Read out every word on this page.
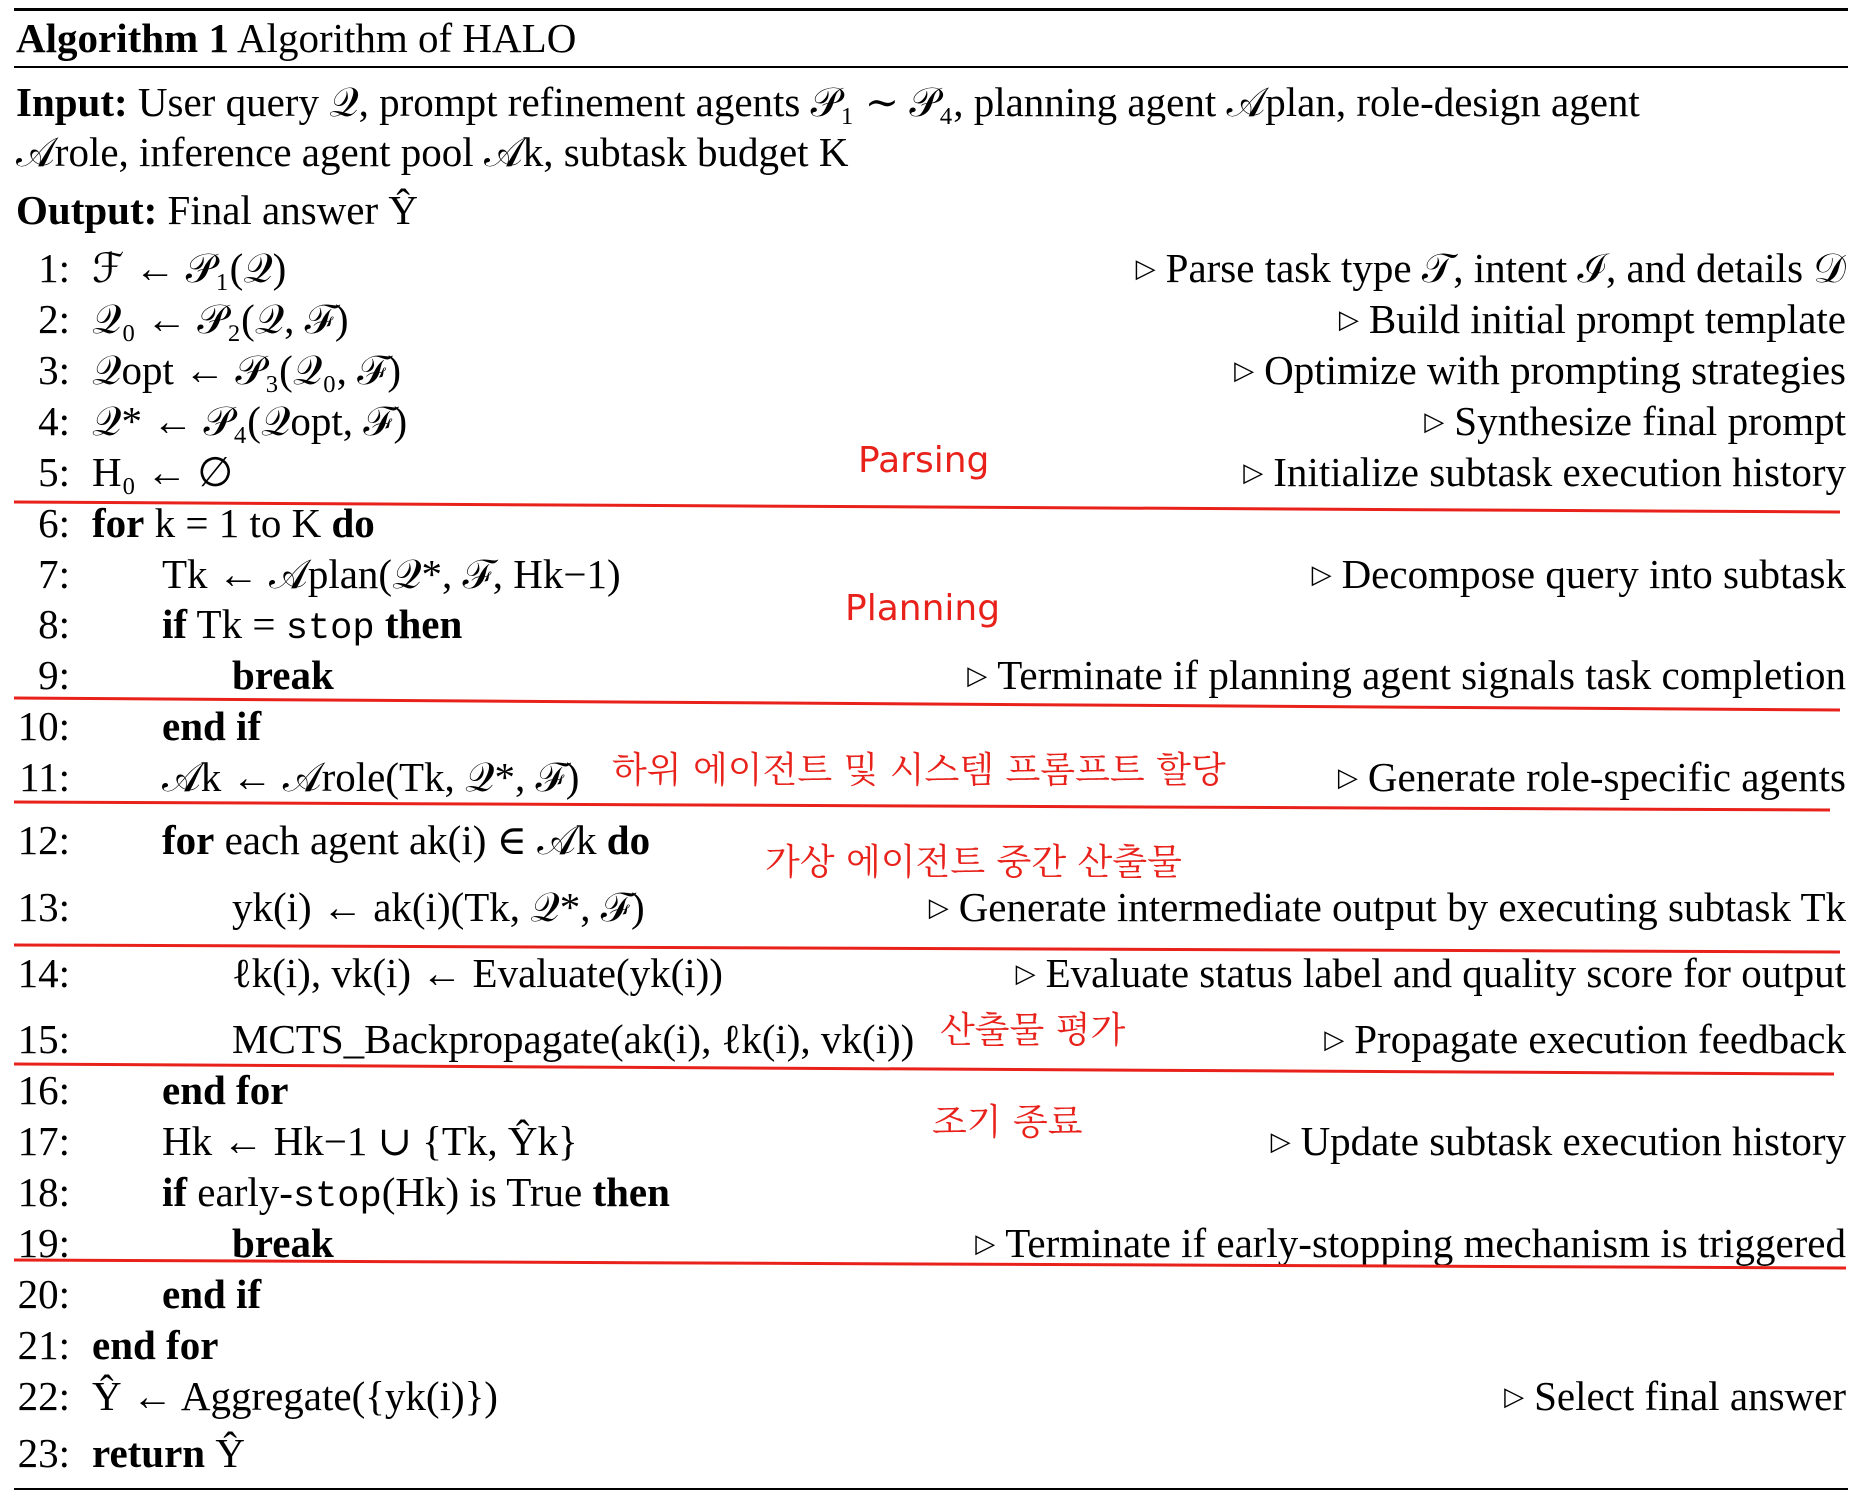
Algorithm 1 Algorithm of HALO
Input: User query 𝒬, prompt refinement agents 𝒫₁ ∼ 𝒫₄, planning agent 𝒜plan, role-design agent
𝒜role, inference agent pool 𝒜k, subtask budget K
Output: Final answer Ŷ
1: ℱ ← 𝒫₁(𝒬)	▷ Parse task type 𝒯, intent ℐ, and details 𝒟
2: 𝒬₀ ← 𝒫₂(𝒬, ℱ)	▷ Build initial prompt template
3: 𝒬opt ← 𝒫₃(𝒬₀, ℱ)	▷ Optimize with prompting strategies
4: 𝒬* ← 𝒫₄(𝒬opt, ℱ)	▷ Synthesize final prompt
5: H₀ ← ∅	▷ Initialize subtask execution history
6: for k = 1 to K do
7: Tk ← 𝒜plan(𝒬*, ℱ, Hk−1)	▷ Decompose query into subtask
8: if Tk = stop then
9:	break	▷ Terminate if planning agent signals task completion
10: end if
11: 𝒜k ← 𝒜role(Tk, 𝒬*, ℱ)	▷ Generate role-specific agents
12: for each agent ak(i) ∈ 𝒜k do
13:	yk(i) ← ak(i)(Tk, 𝒬*, ℱ)	▷ Generate intermediate output by executing subtask Tk
14:	ℓk(i), vk(i) ← Evaluate(yk(i))	▷ Evaluate status label and quality score for output
15:	MCTS_Backpropagate(ak(i), ℓk(i), vk(i))	▷ Propagate execution feedback
16: end for
17: Hk ← Hk−1 ∪ {Tk, Ŷk}	▷ Update subtask execution history
18: if early-stop(Hk) is True then
19:	break	▷ Terminate if early-stopping mechanism is triggered
20: end if
21: end for
22: Ŷ ← Aggregate({yk(i)})	▷ Select final answer
23: return Ŷ
Parsing
Planning
하위 에이전트 및 시스템 프롬프트 할당
가상 에이전트 중간 산출물
산출물 평가
조기 종료
